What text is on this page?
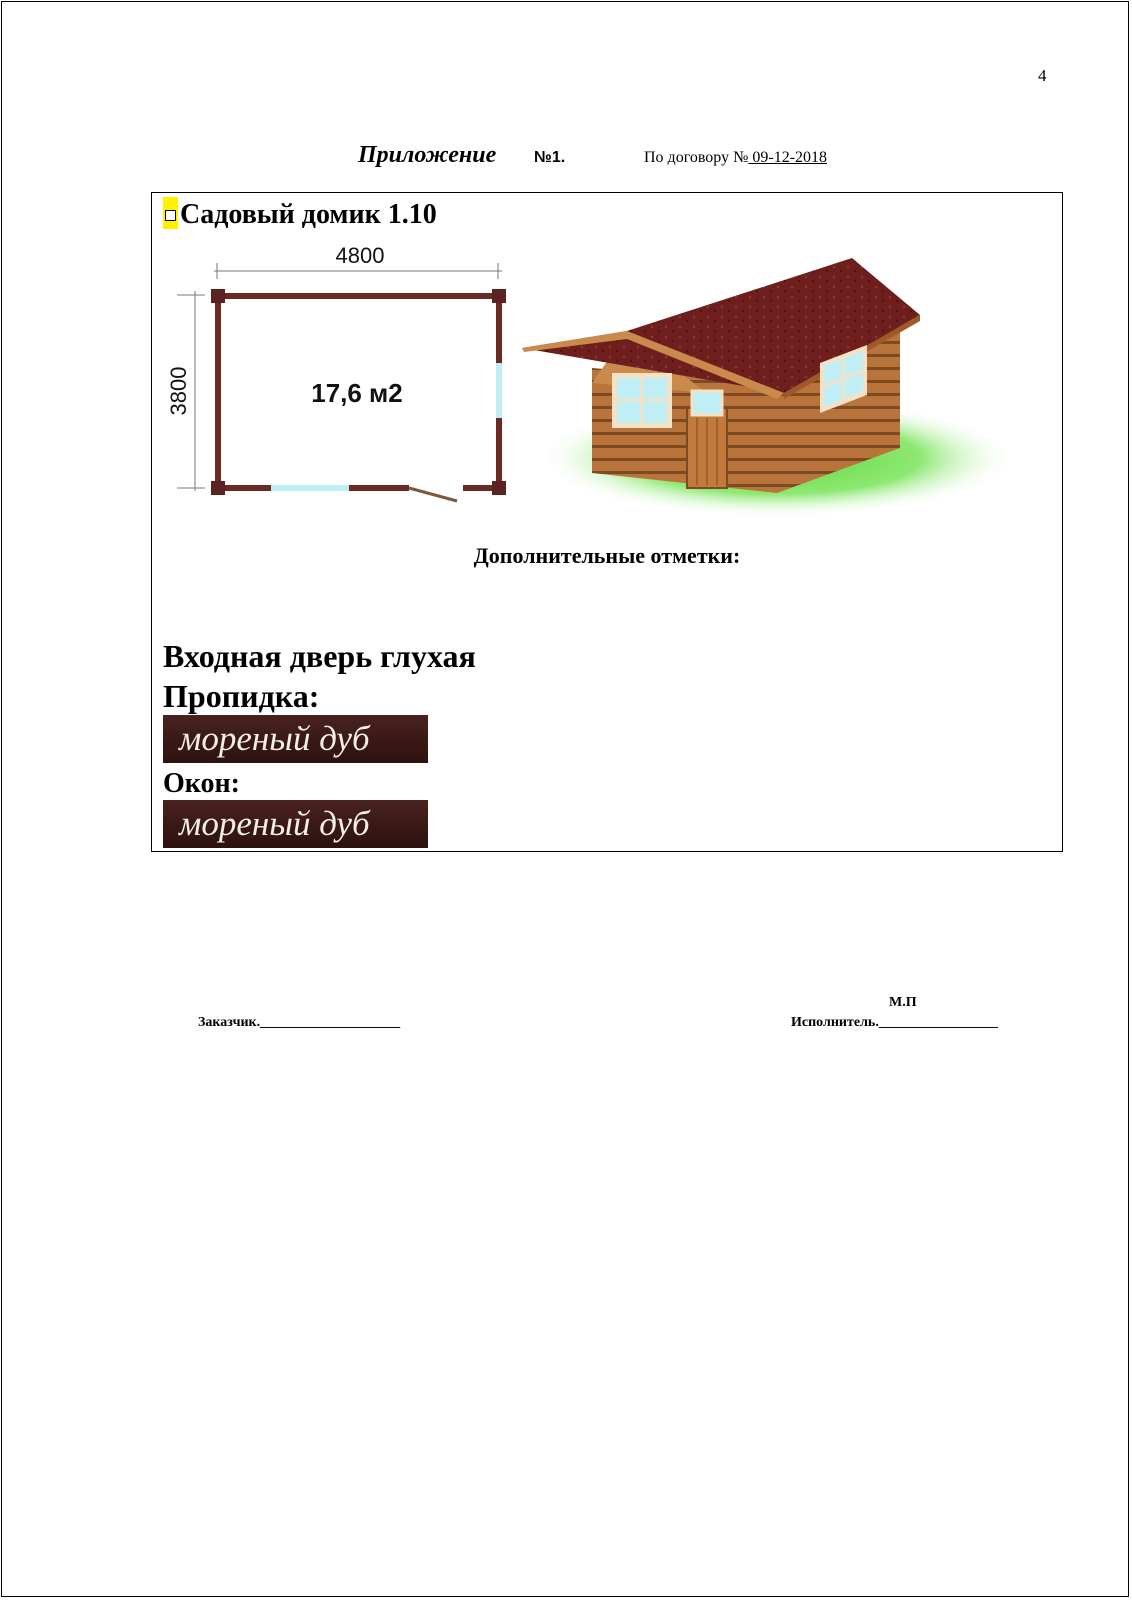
4
Приложение №1.	По договору № 09-12-2018
Садовый домик 1.10
4800
3800	17,6 м2
Дополнительные отметки:
Входная дверь глухая
Пропидка:
мореный дуб
Окон:
мореный дуб
М.П
Заказчик.____________________	Исполнитель._________________
